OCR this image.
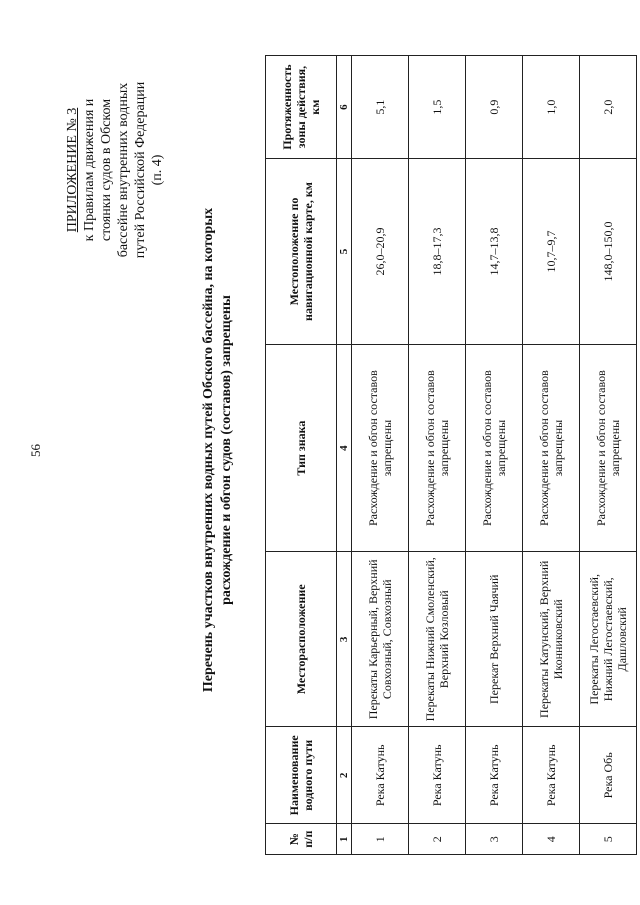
56
ПРИЛОЖЕНИЕ № 3 к Правилам движения и стоянки судов в Обском бассейне внутренних водных путей Российской Федерации (п. 4)
Перечень участков внутренних водных путей Обского бассейна, на которых расхождение и обгон судов (составов) запрещены
№ п/п	Наименование водного пути	Месторасположение	Тип знака	Местоположение по навигационной карте, км	Протяженность зоны действия, км
1	2	3	4	5	6
1	Река Катунь	Перекаты Карьерный, Верхний Совхозный, Совхозный	Расхождение и обгон составов запрещены	26,0–20,9	5,1
2	Река Катунь	Перекаты Нижний Смоленский, Верхний Козловый	Расхождение и обгон составов запрещены	18,8–17,3	1,5
3	Река Катунь	Перекат Верхний Чаячий	Расхождение и обгон составов запрещены	14,7–13,8	0,9
4	Река Катунь	Перекаты Катунский, Верхний Иконниковский	Расхождение и обгон составов запрещены	10,7–9,7	1,0
5	Река Обь	Перекаты Легостаевский, Нижний Легостаевский, Дашловский	Расхождение и обгон составов запрещены	148,0–150,0	2,0
